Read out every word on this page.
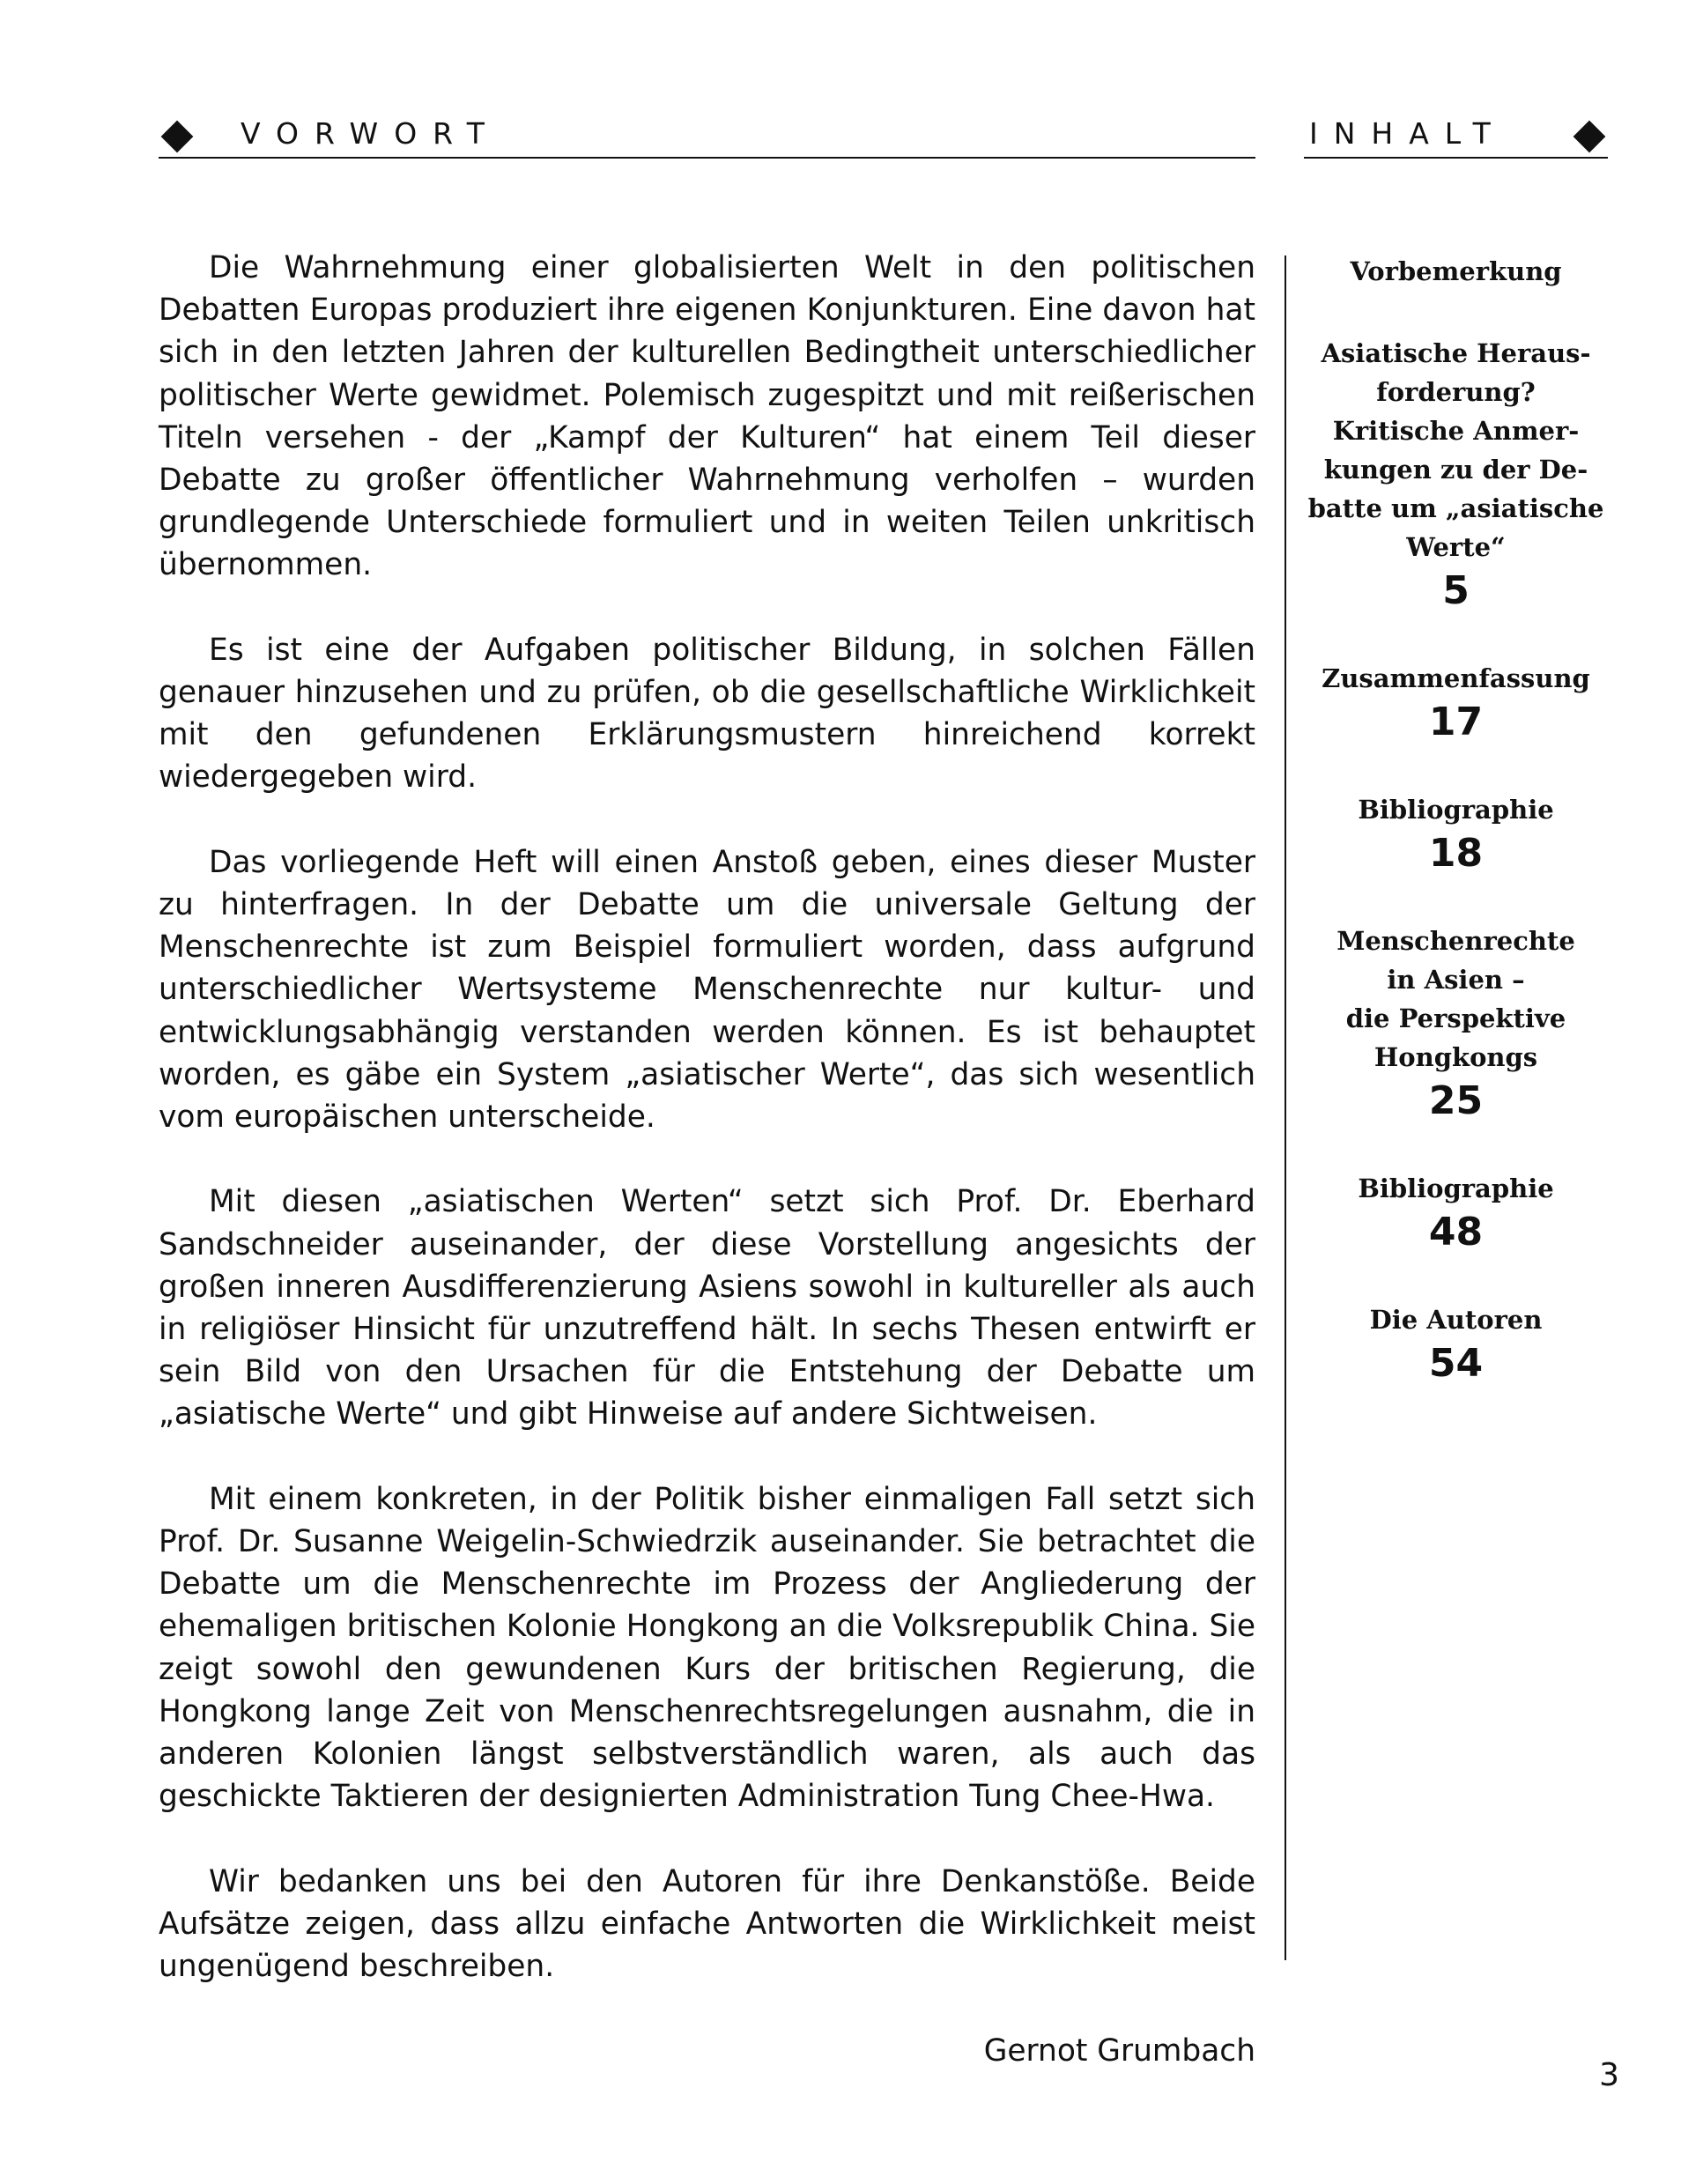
VORWORT	INHALT

Die Wahrnehmung einer globalisierten Welt in den politischen Debatten Europas produziert ihre eigenen Konjunkturen. Eine davon hat sich in den letzten Jahren der kulturellen Bedingtheit unterschiedlicher politischer Werte gewidmet. Polemisch zugespitzt und mit reißerischen Titeln versehen - der „Kampf der Kulturen“ hat einem Teil dieser Debatte zu großer öffentlicher Wahrnehmung verholfen – wurden grundlegende Unterschiede formuliert und in weiten Teilen unkritisch übernommen.

Es ist eine der Aufgaben politischer Bildung, in solchen Fällen genauer hinzusehen und zu prüfen, ob die gesellschaftliche Wirklichkeit mit den gefundenen Erklärungsmustern hinreichend korrekt wiedergegeben wird.

Das vorliegende Heft will einen Anstoß geben, eines dieser Muster zu hinterfragen. In der Debatte um die universale Geltung der Menschenrechte ist zum Beispiel formuliert worden, dass aufgrund unterschiedlicher Wertsysteme Menschenrechte nur kultur- und entwicklungsabhängig verstanden werden können. Es ist behauptet worden, es gäbe ein System „asiatischer Werte“, das sich wesentlich vom europäischen unterscheide.

Mit diesen „asiatischen Werten“ setzt sich Prof. Dr. Eberhard Sandschneider auseinander, der diese Vorstellung angesichts der großen inneren Ausdifferenzierung Asiens sowohl in kultureller als auch in religiöser Hinsicht für unzutreffend hält. In sechs Thesen entwirft er sein Bild von den Ursachen für die Entstehung der Debatte um „asiatische Werte“ und gibt Hinweise auf andere Sichtweisen.

Mit einem konkreten, in der Politik bisher einmaligen Fall setzt sich Prof. Dr. Susanne Weigelin-Schwiedrzik auseinander. Sie betrachtet die Debatte um die Menschenrechte im Prozess der Angliederung der ehemaligen britischen Kolonie Hongkong an die Volksrepublik China. Sie zeigt sowohl den gewundenen Kurs der britischen Regierung, die Hongkong lange Zeit von Menschenrechtsregelungen ausnahm, die in anderen Kolonien längst selbstverständlich waren, als auch das geschickte Taktieren der designierten Administration Tung Chee-Hwa.

Wir bedanken uns bei den Autoren für ihre Denkanstöße. Beide Aufsätze zeigen, dass allzu einfache Antworten die Wirklichkeit meist ungenügend beschreiben.

Gernot Grumbach
Vorbemerkung
Asiatische Heraus-
forderung?
Kritische Anmer-
kungen zu der De-
batte um „asiatische
Werte“
5
Zusammenfassung
17
Bibliographie
18
Menschenrechte
in Asien –
die Perspektive
Hongkongs
25
Bibliographie
48
Die Autoren
54
3
